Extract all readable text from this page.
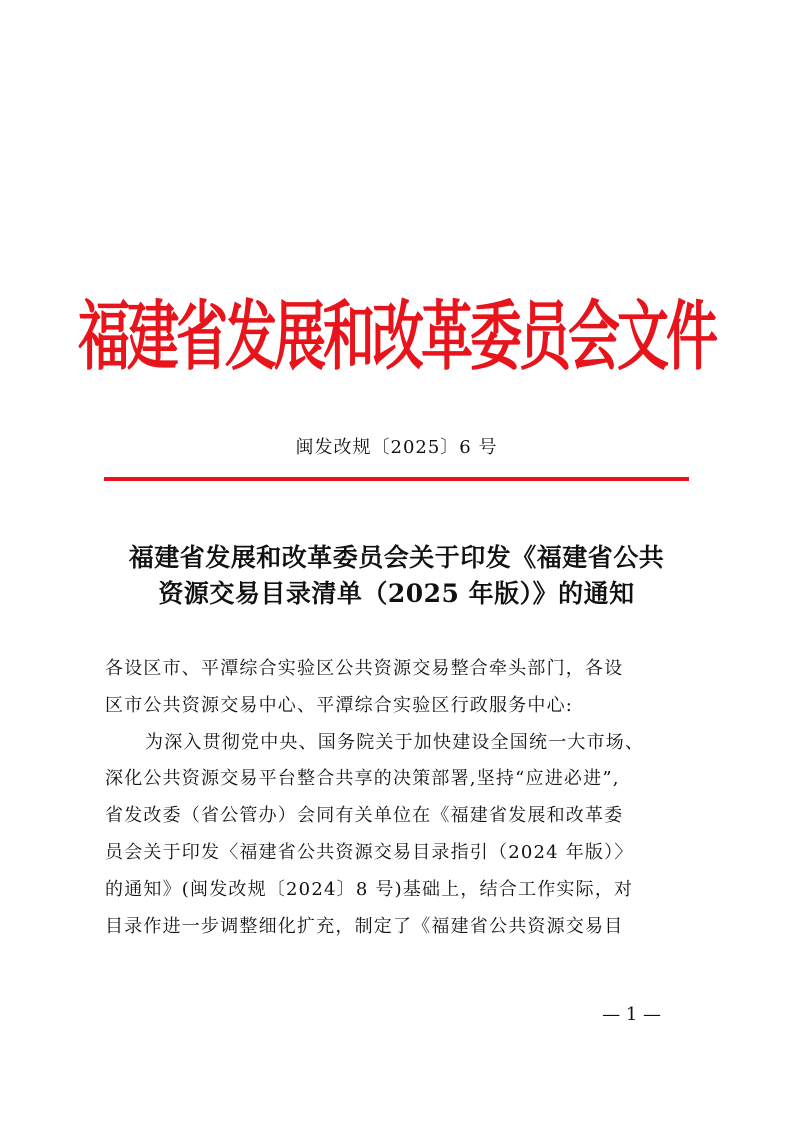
福建省发展和改革委员会文件
闽发改规〔2025〕6 号
福建省发展和改革委员会关于印发《福建省公共
资源交易目录清单（2025 年版）》的通知
各设区市、平潭综合实验区公共资源交易整合牵头部门，各设
区市公共资源交易中心、平潭综合实验区行政服务中心:
为深入贯彻党中央、国务院关于加快建设全国统一大市场、
深化公共资源交易平台整合共享的决策部署,坚持“应进必进”,
省发改委（省公管办）会同有关单位在《福建省发展和改革委
员会关于印发〈福建省公共资源交易目录指引（2024 年版）〉
的通知》(闽发改规〔2024〕8 号)基础上，结合工作实际，对
目录作进一步调整细化扩充，制定了《福建省公共资源交易目
— 1 —
